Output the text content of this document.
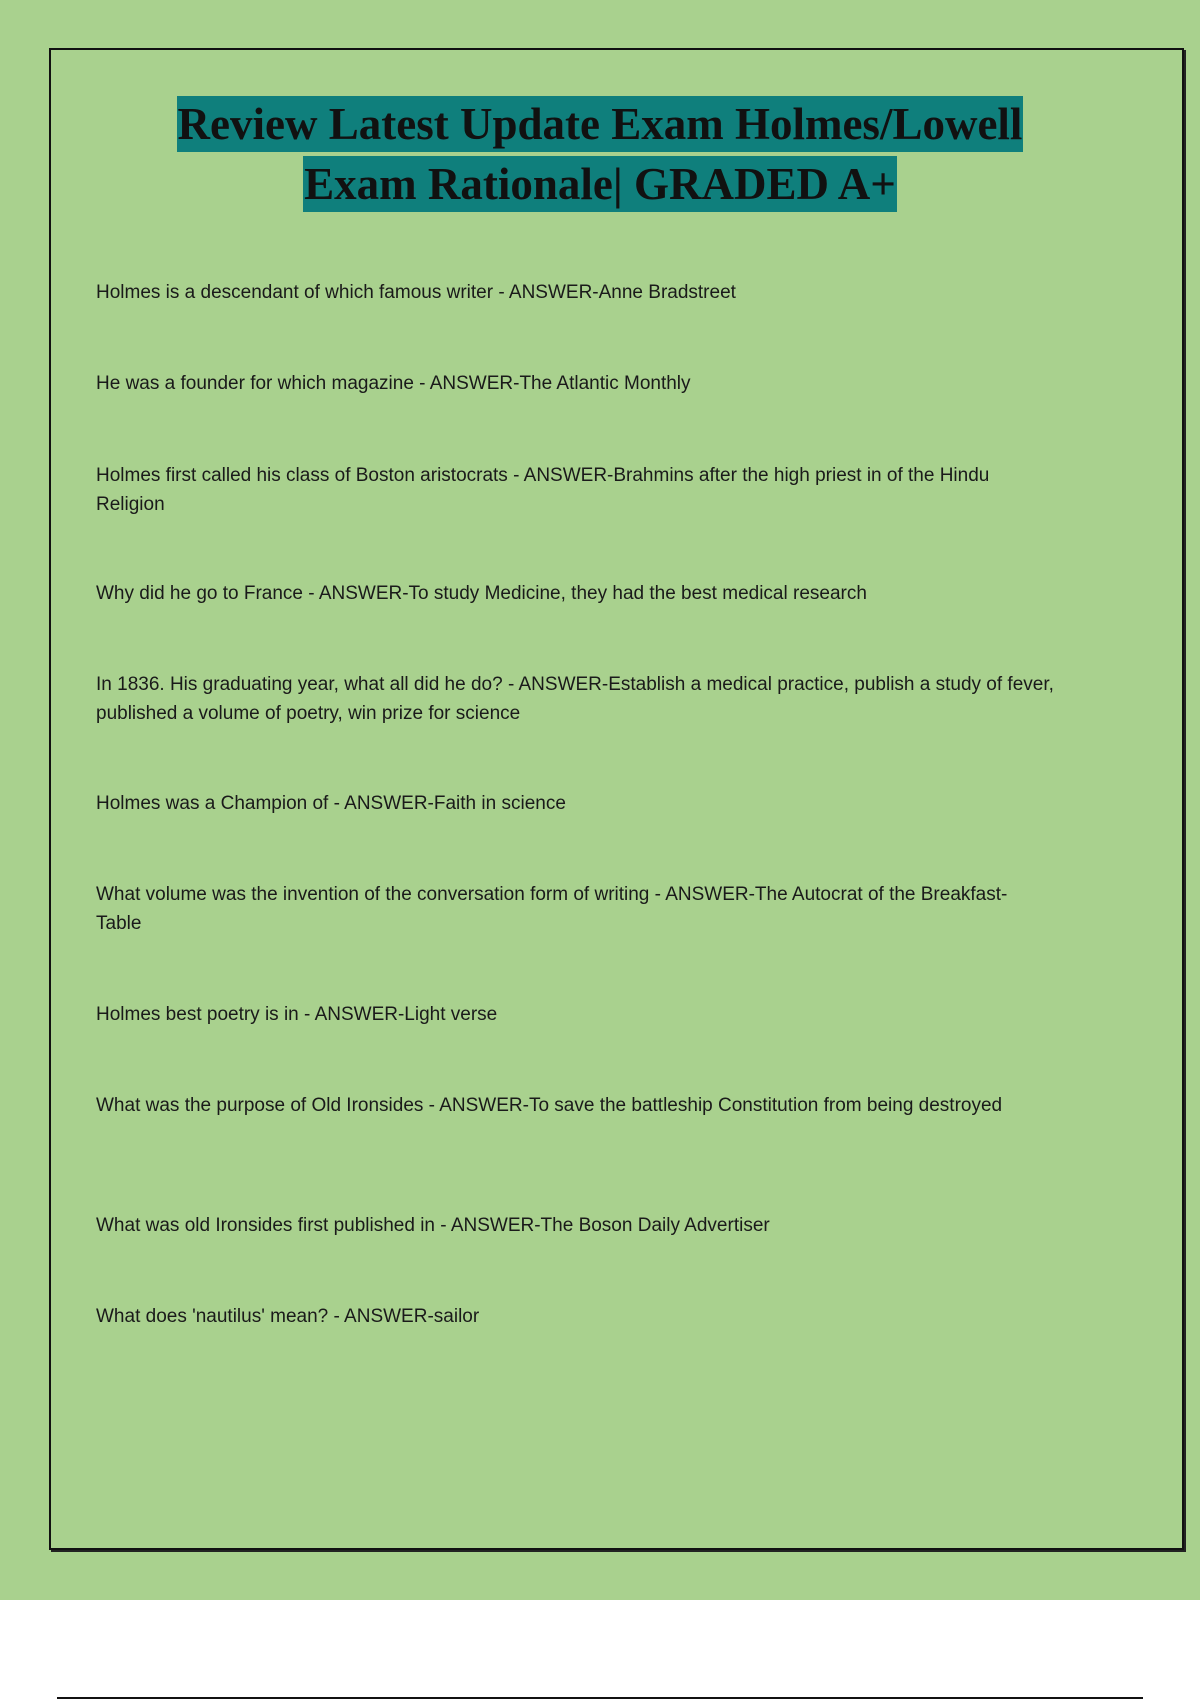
Review Latest Update Exam Holmes/Lowell
Exam Rationale| GRADED A+
Holmes is a descendant of which famous writer - ANSWER-Anne Bradstreet
He was a founder for which magazine - ANSWER-The Atlantic Monthly
Holmes first called his class of Boston aristocrats - ANSWER-Brahmins after the high priest in of the Hindu Religion
Why did he go to France - ANSWER-To study Medicine, they had the best medical research
In 1836. His graduating year, what all did he do? - ANSWER-Establish a medical practice, publish a study of fever, published a volume of poetry, win prize for science
Holmes was a Champion of - ANSWER-Faith in science
What volume was the invention of the conversation form of writing - ANSWER-The Autocrat of the Breakfast-Table
Holmes best poetry is in - ANSWER-Light verse
What was the purpose of Old Ironsides - ANSWER-To save the battleship Constitution from being destroyed
What was old Ironsides first published in - ANSWER-The Boson Daily Advertiser
What does 'nautilus' mean? - ANSWER-sailor
